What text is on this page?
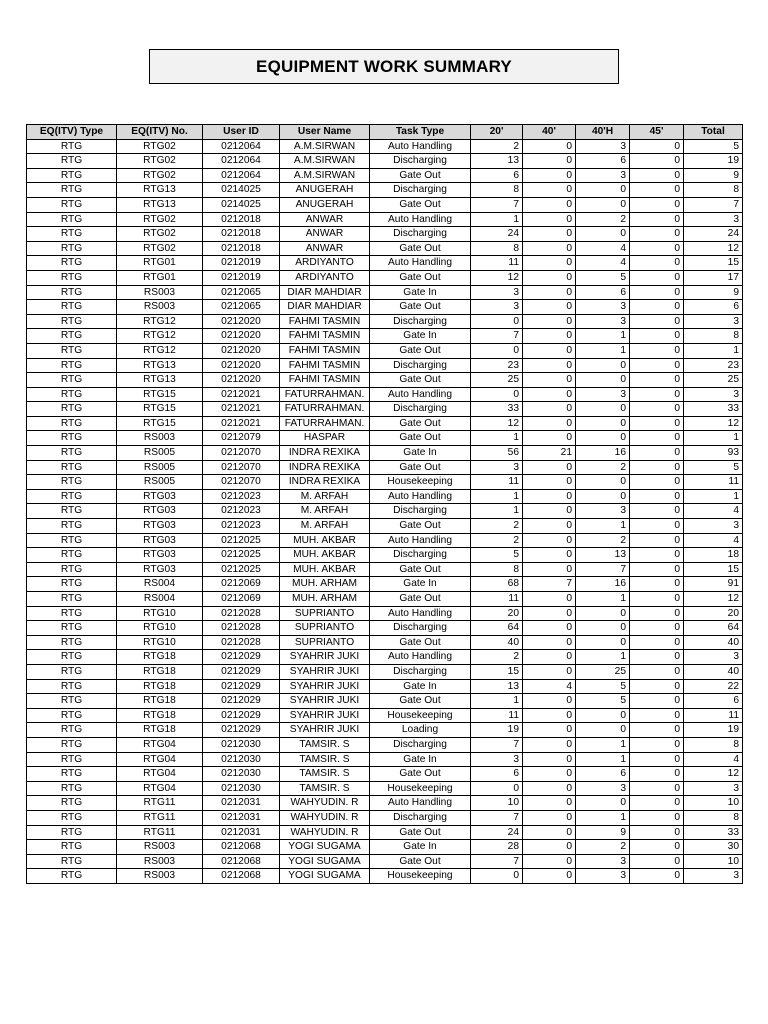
EQUIPMENT WORK SUMMARY
EQ(ITV) Type	EQ(ITV) No.	User ID	User Name	Task Type	20'	40'	40'H	45'	Total
RTG	RTG02	0212064	A.M.SIRWAN	Auto Handling	2	0	3	0	5
RTG	RTG02	0212064	A.M.SIRWAN	Discharging	13	0	6	0	19
RTG	RTG02	0212064	A.M.SIRWAN	Gate Out	6	0	3	0	9
RTG	RTG13	0214025	ANUGERAH	Discharging	8	0	0	0	8
RTG	RTG13	0214025	ANUGERAH	Gate Out	7	0	0	0	7
RTG	RTG02	0212018	ANWAR	Auto Handling	1	0	2	0	3
RTG	RTG02	0212018	ANWAR	Discharging	24	0	0	0	24
RTG	RTG02	0212018	ANWAR	Gate Out	8	0	4	0	12
RTG	RTG01	0212019	ARDIYANTO	Auto Handling	11	0	4	0	15
RTG	RTG01	0212019	ARDIYANTO	Gate Out	12	0	5	0	17
RTG	RS003	0212065	DIAR MAHDIAR	Gate In	3	0	6	0	9
RTG	RS003	0212065	DIAR MAHDIAR	Gate Out	3	0	3	0	6
RTG	RTG12	0212020	FAHMI TASMIN	Discharging	0	0	3	0	3
RTG	RTG12	0212020	FAHMI TASMIN	Gate In	7	0	1	0	8
RTG	RTG12	0212020	FAHMI TASMIN	Gate Out	0	0	1	0	1
RTG	RTG13	0212020	FAHMI TASMIN	Discharging	23	0	0	0	23
RTG	RTG13	0212020	FAHMI TASMIN	Gate Out	25	0	0	0	25
RTG	RTG15	0212021	FATURRAHMAN.	Auto Handling	0	0	3	0	3
RTG	RTG15	0212021	FATURRAHMAN.	Discharging	33	0	0	0	33
RTG	RTG15	0212021	FATURRAHMAN.	Gate Out	12	0	0	0	12
RTG	RS003	0212079	HASPAR	Gate Out	1	0	0	0	1
RTG	RS005	0212070	INDRA REXIKA	Gate In	56	21	16	0	93
RTG	RS005	0212070	INDRA REXIKA	Gate Out	3	0	2	0	5
RTG	RS005	0212070	INDRA REXIKA	Housekeeping	11	0	0	0	11
RTG	RTG03	0212023	M. ARFAH	Auto Handling	1	0	0	0	1
RTG	RTG03	0212023	M. ARFAH	Discharging	1	0	3	0	4
RTG	RTG03	0212023	M. ARFAH	Gate Out	2	0	1	0	3
RTG	RTG03	0212025	MUH. AKBAR	Auto Handling	2	0	2	0	4
RTG	RTG03	0212025	MUH. AKBAR	Discharging	5	0	13	0	18
RTG	RTG03	0212025	MUH. AKBAR	Gate Out	8	0	7	0	15
RTG	RS004	0212069	MUH. ARHAM	Gate In	68	7	16	0	91
RTG	RS004	0212069	MUH. ARHAM	Gate Out	11	0	1	0	12
RTG	RTG10	0212028	SUPRIANTO	Auto Handling	20	0	0	0	20
RTG	RTG10	0212028	SUPRIANTO	Discharging	64	0	0	0	64
RTG	RTG10	0212028	SUPRIANTO	Gate Out	40	0	0	0	40
RTG	RTG18	0212029	SYAHRIR JUKI	Auto Handling	2	0	1	0	3
RTG	RTG18	0212029	SYAHRIR JUKI	Discharging	15	0	25	0	40
RTG	RTG18	0212029	SYAHRIR JUKI	Gate In	13	4	5	0	22
RTG	RTG18	0212029	SYAHRIR JUKI	Gate Out	1	0	5	0	6
RTG	RTG18	0212029	SYAHRIR JUKI	Housekeeping	11	0	0	0	11
RTG	RTG18	0212029	SYAHRIR JUKI	Loading	19	0	0	0	19
RTG	RTG04	0212030	TAMSIR. S	Discharging	7	0	1	0	8
RTG	RTG04	0212030	TAMSIR. S	Gate In	3	0	1	0	4
RTG	RTG04	0212030	TAMSIR. S	Gate Out	6	0	6	0	12
RTG	RTG04	0212030	TAMSIR. S	Housekeeping	0	0	3	0	3
RTG	RTG11	0212031	WAHYUDIN. R	Auto Handling	10	0	0	0	10
RTG	RTG11	0212031	WAHYUDIN. R	Discharging	7	0	1	0	8
RTG	RTG11	0212031	WAHYUDIN. R	Gate Out	24	0	9	0	33
RTG	RS003	0212068	YOGI SUGAMA	Gate In	28	0	2	0	30
RTG	RS003	0212068	YOGI SUGAMA	Gate Out	7	0	3	0	10
RTG	RS003	0212068	YOGI SUGAMA	Housekeeping	0	0	3	0	3
